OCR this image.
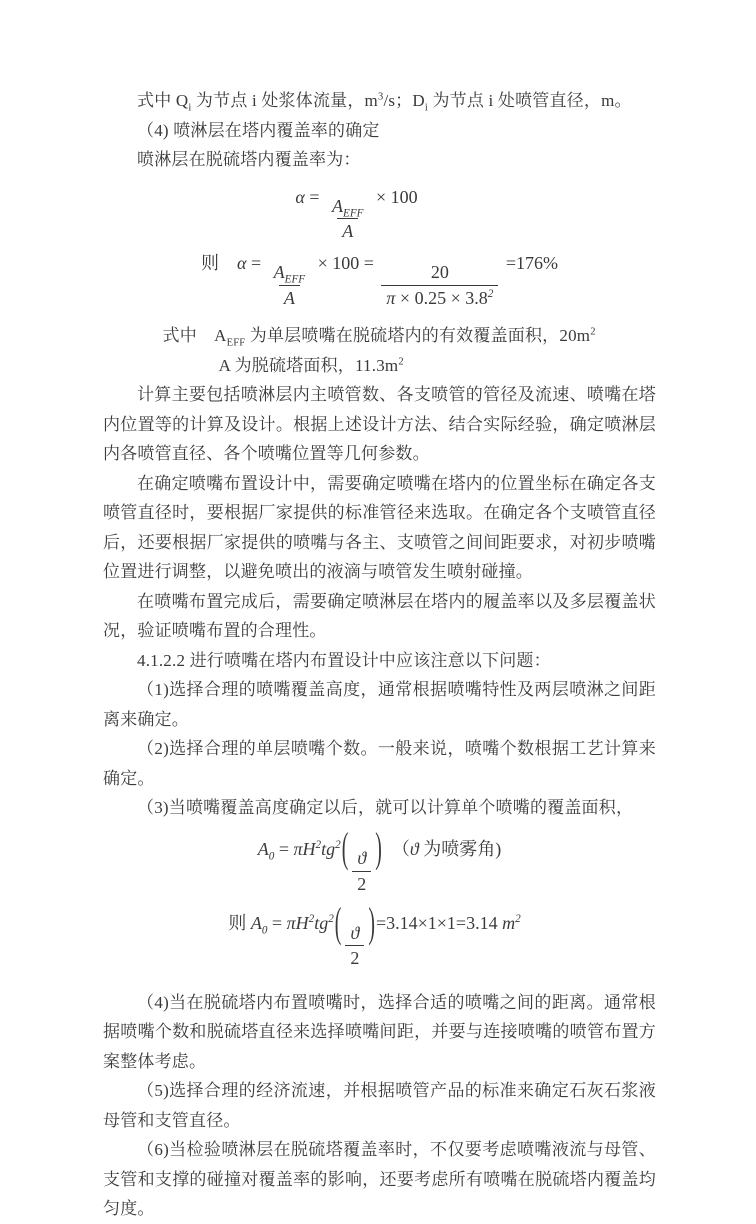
式中 $Q_i$ 为节点 i 处浆体流量，$m^3/s$；$D_i$ 为节点 i 处喷管直径，m。

（4) 喷淋层在塔内覆盖率的确定

喷淋层在脱硫塔内覆盖率为：

$\alpha = \frac{A_{EFF}}{A} \times 100$
则　$\alpha = \frac{A_{EFF}}{A} \times 100 = \frac{20}{\pi \times 0.25 \times 3.8^2} =176\%$

式中　$A_{EFF}$ 为单层喷嘴在脱硫塔内的有效覆盖面积，$20m^2$

A 为脱硫塔面积，$11.3m^2$

计算主要包括喷淋层内主喷管数、各支喷管的管径及流速、喷嘴在塔内位置等的计算及设计。根据上述设计方法、结合实际经验，确定喷淋层内各喷管直径、各个喷嘴位置等几何参数。

在确定喷嘴布置设计中，需要确定喷嘴在塔内的位置坐标在确定各支喷管直径时，要根据厂家提供的标准管径来选取。在确定各个支喷管直径后，还要根据厂家提供的喷嘴与各主、支喷管之间间距要求，对初步喷嘴位置进行调整，以避免喷出的液滴与喷管发生喷射碰撞。

在喷嘴布置完成后，需要确定喷淋层在塔内的履盖率以及多层覆盖状况，验证喷嘴布置的合理性。

4.1.2.2 进行喷嘴在塔内布置设计中应该注意以下问题：

（1)选择合理的喷嘴覆盖高度，通常根据喷嘴特性及两层喷淋之间距离来确定。

（2)选择合理的单层喷嘴个数。一般来说，喷嘴个数根据工艺计算来确定。

（3)当喷嘴覆盖高度确定以后，就可以计算单个喷嘴的覆盖面积，

$A_0 = \pi H^2tg^2( \frac{ϑ}{2}$ )　（ϑ 为喷雾角)
则 $A_0 = \pi H^2tg^2( \frac{ϑ}{2} )=3.14\times 1\times 1=3.14$ $m^2$

（4)当在脱硫塔内布置喷嘴时，选择合适的喷嘴之间的距离。通常根据喷嘴个数和脱硫塔直径来选择喷嘴间距，并要与连接喷嘴的喷管布置方案整体考虑。

（5)选择合理的经济流速，并根据喷管产品的标准来确定石灰石浆液母管和支管直径。

（6)当检验喷淋层在脱硫塔覆盖率时，不仅要考虑喷嘴液流与母管、支管和支撑的碰撞对覆盖率的影响，还要考虑所有喷嘴在脱硫塔内覆盖均匀度。
